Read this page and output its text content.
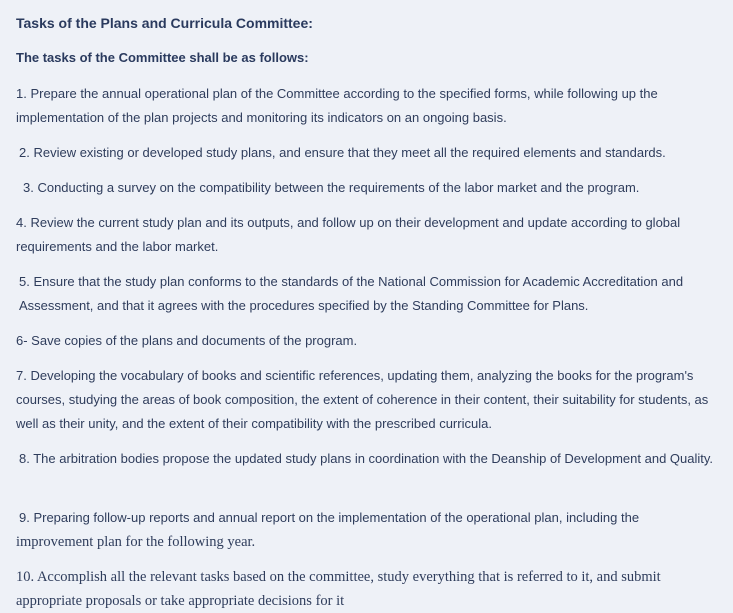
Tasks of the Plans and Curricula Committee:
The tasks of the Committee shall be as follows:
1. Prepare the annual operational plan of the Committee according to the specified forms, while following up the implementation of the plan projects and monitoring its indicators on an ongoing basis.
2. Review existing or developed study plans, and ensure that they meet all the required elements and standards.
3. Conducting a survey on the compatibility between the requirements of the labor market and the program.
4. Review the current study plan and its outputs, and follow up on their development and update according to global requirements and the labor market.
5. Ensure that the study plan conforms to the standards of the National Commission for Academic Accreditation and Assessment, and that it agrees with the procedures specified by the Standing Committee for Plans.
6- Save copies of the plans and documents of the program.
7. Developing the vocabulary of books and scientific references, updating them, analyzing the books for the program's courses, studying the areas of book composition, the extent of coherence in their content, their suitability for students, as well as their unity, and the extent of their compatibility with the prescribed curricula.
8. The arbitration bodies propose the updated study plans in coordination with the Deanship of Development and Quality.
9. Preparing follow-up reports and annual report on the implementation of the operational plan, including the
improvement plan for the following year.
10. Accomplish all the relevant tasks based on the committee, study everything that is referred to it, and submit appropriate proposals or take appropriate decisions for it
